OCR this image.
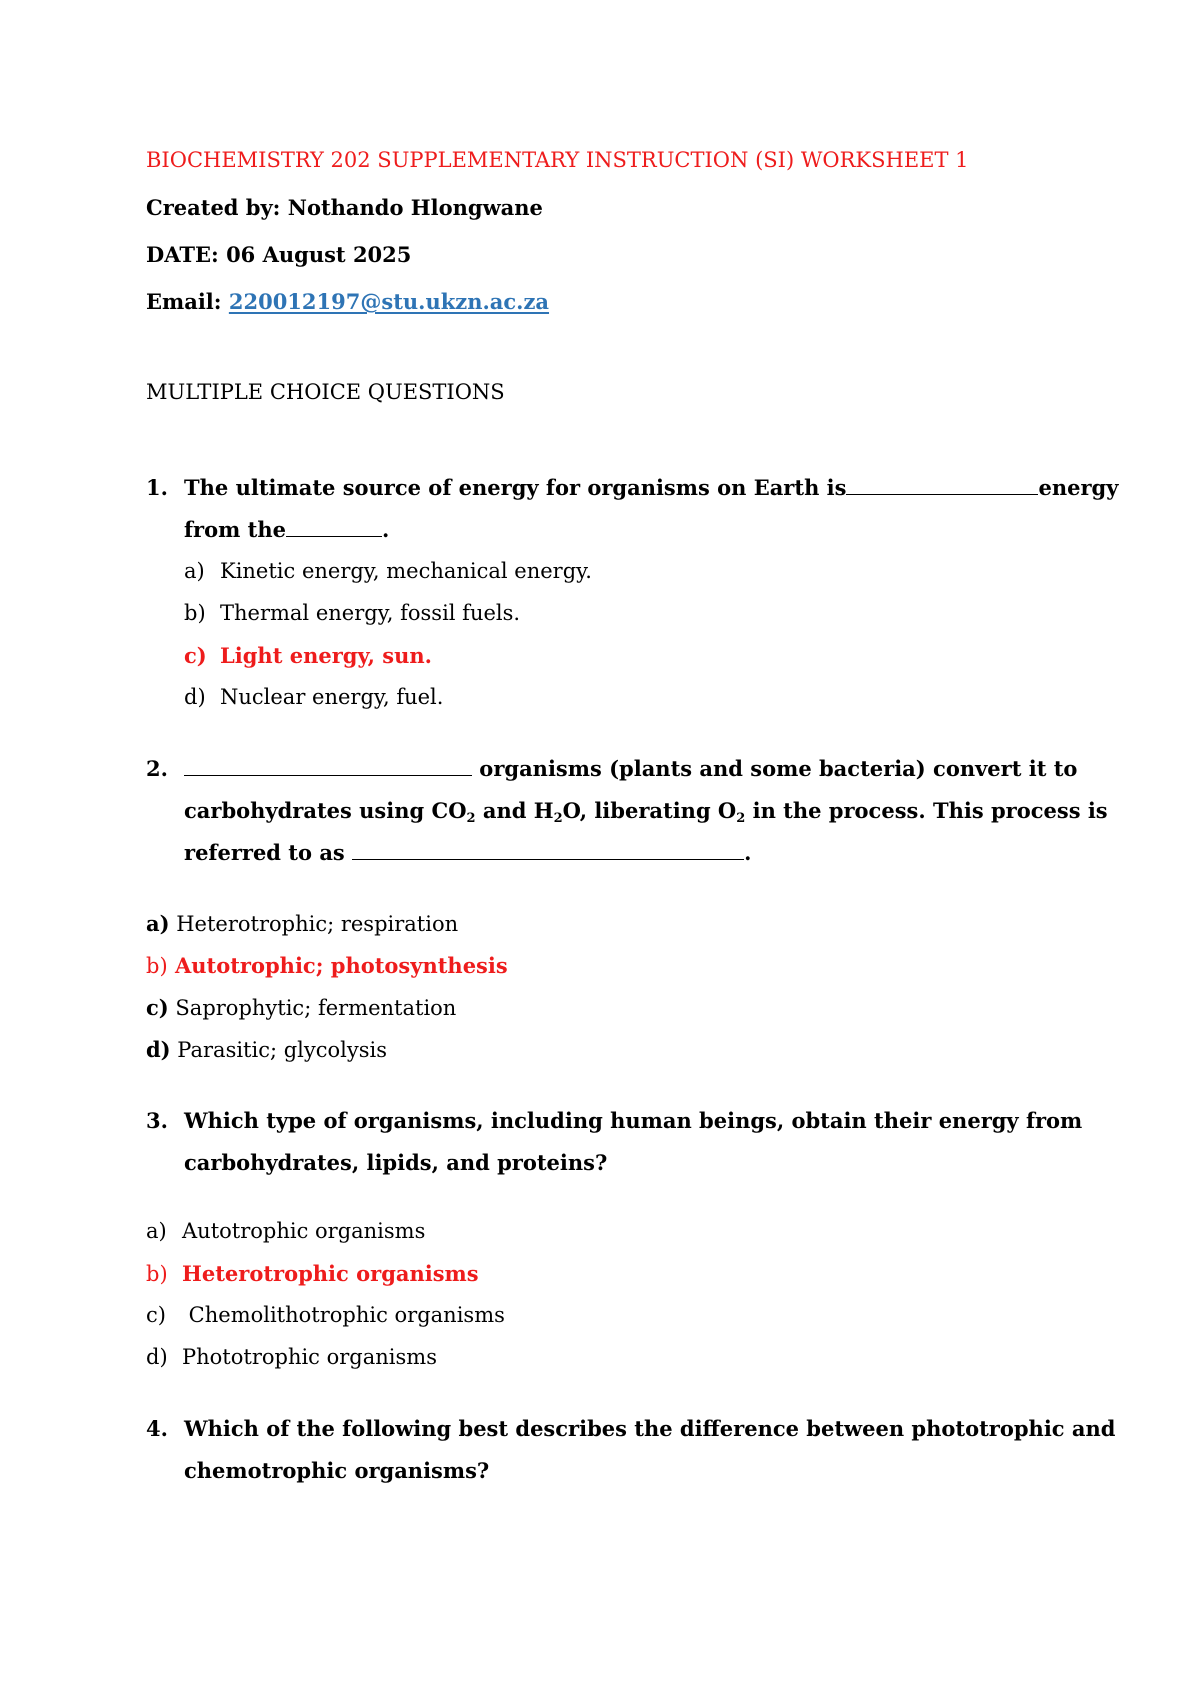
BIOCHEMISTRY 202 SUPPLEMENTARY INSTRUCTION (SI) WORKSHEET 1
Created by: Nothando Hlongwane
DATE: 06 August 2025
Email: 220012197@stu.ukzn.ac.za
MULTIPLE CHOICE QUESTIONS
1. The ultimate source of energy for organisms on Earth is	energy
from the	.
a) Kinetic energy, mechanical energy.
b) Thermal energy, fossil fuels.
c) Light energy, sun.
d) Nuclear energy, fuel.
2.	organisms (plants and some bacteria) convert it to
carbohydrates using $CO_2$ and $H_2O$, liberating $O_2$ in the process. This process is
referred to as	.
a) Heterotrophic; respiration
b) Autotrophic; photosynthesis
c) Saprophytic; fermentation
d) Parasitic; glycolysis
3. Which type of organisms, including human beings, obtain their energy from
carbohydrates, lipids, and proteins?
a) Autotrophic organisms
b) Heterotrophic organisms
c) Chemolithotrophic organisms
d) Phototrophic organisms
4. Which of the following best describes the difference between phototrophic and
chemotrophic organisms?
